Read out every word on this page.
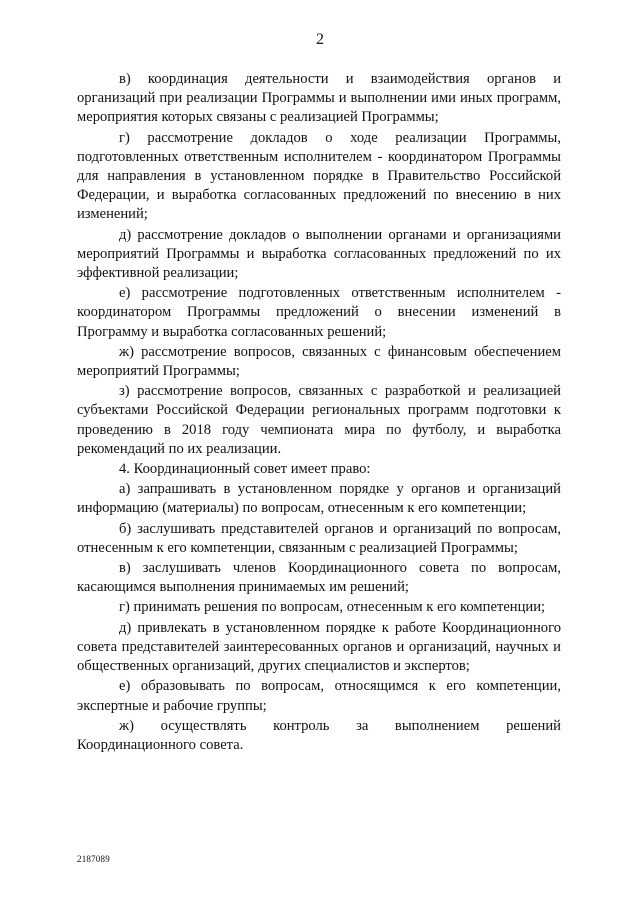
2

в) координация деятельности и взаимодействия органов и организаций при реализации Программы и выполнении ими иных программ, мероприятия которых связаны с реализацией Программы;

г) рассмотрение докладов о ходе реализации Программы, подготовленных ответственным исполнителем - координатором Программы для направления в установленном порядке в Правительство Российской Федерации, и выработка согласованных предложений по внесению в них изменений;

д) рассмотрение докладов о выполнении органами и организациями мероприятий Программы и выработка согласованных предложений по их эффективной реализации;

е) рассмотрение подготовленных ответственным исполнителем - координатором Программы предложений о внесении изменений в Программу и выработка согласованных решений;

ж) рассмотрение вопросов, связанных с финансовым обеспечением мероприятий Программы;

з) рассмотрение вопросов, связанных с разработкой и реализацией субъектами Российской Федерации региональных программ подготовки к проведению в 2018 году чемпионата мира по футболу, и выработка рекомендаций по их реализации.

4. Координационный совет имеет право:

а) запрашивать в установленном порядке у органов и организаций информацию (материалы) по вопросам, отнесенным к его компетенции;

б) заслушивать представителей органов и организаций по вопросам, отнесенным к его компетенции, связанным с реализацией Программы;

в) заслушивать членов Координационного совета по вопросам, касающимся выполнения принимаемых им решений;

г) принимать решения по вопросам, отнесенным к его компетенции;

д) привлекать в установленном порядке к работе Координационного совета представителей заинтересованных органов и организаций, научных и общественных организаций, других специалистов и экспертов;

е) образовывать по вопросам, относящимся к его компетенции, экспертные и рабочие группы;

ж) осуществлять контроль за выполнением решений Координационного совета.

2187089
